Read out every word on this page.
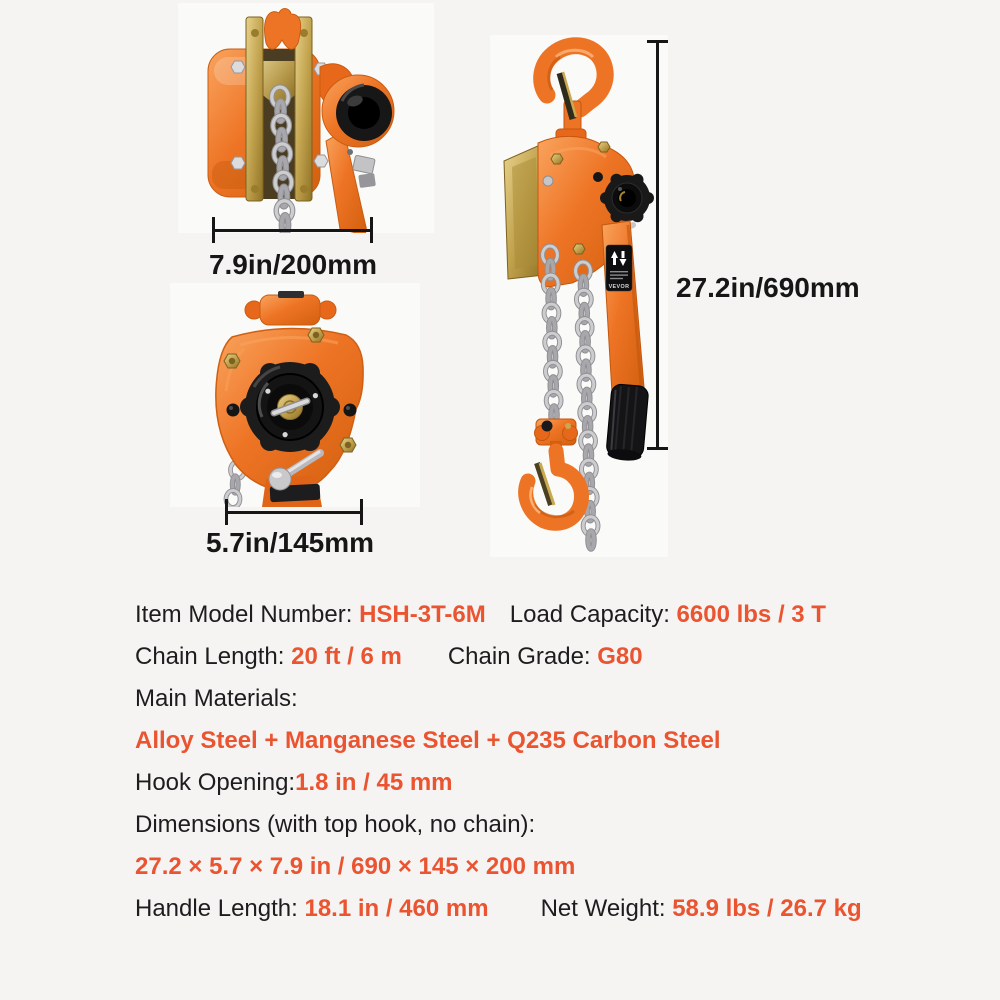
VEVOR
7.9in/200mm
5.7in/145mm
27.2in/690mm
Item Model Number: HSH-3T-6M Load Capacity: 6600 lbs / 3 T
Chain Length: 20 ft / 6 m Chain Grade: G80
Main Materials:
Alloy Steel + Manganese Steel + Q235 Carbon Steel
Hook Opening:1.8 in / 45 mm
Dimensions (with top hook, no chain):
27.2 × 5.7 × 7.9 in / 690 × 145 × 200 mm
Handle Length: 18.1 in / 460 mm Net Weight: 58.9 lbs / 26.7 kg
